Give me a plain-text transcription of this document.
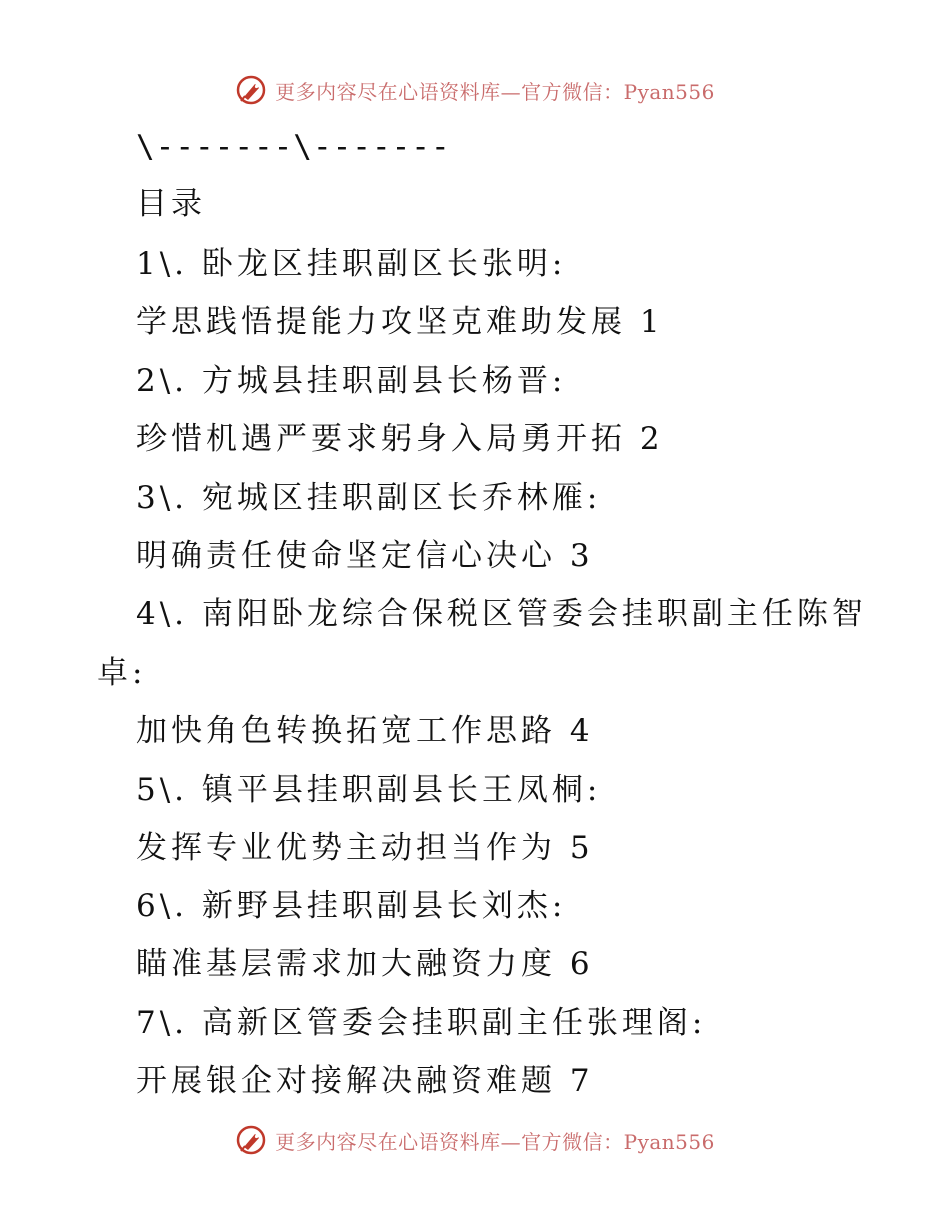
更多内容尽在心语资料库—官方微信：Pyan556
\-------\-------
目录
1\. 卧龙区挂职副区长张明:
学思践悟提能力攻坚克难助发展 1
2\. 方城县挂职副县长杨晋:
珍惜机遇严要求躬身入局勇开拓 2
3\. 宛城区挂职副区长乔林雁:
明确责任使命坚定信心决心 3
4\. 南阳卧龙综合保税区管委会挂职副主任陈智
卓:
加快角色转换拓宽工作思路 4
5\. 镇平县挂职副县长王凤桐:
发挥专业优势主动担当作为 5
6\. 新野县挂职副县长刘杰:
瞄准基层需求加大融资力度 6
7\. 高新区管委会挂职副主任张理阁:
开展银企对接解决融资难题 7
更多内容尽在心语资料库—官方微信：Pyan556
